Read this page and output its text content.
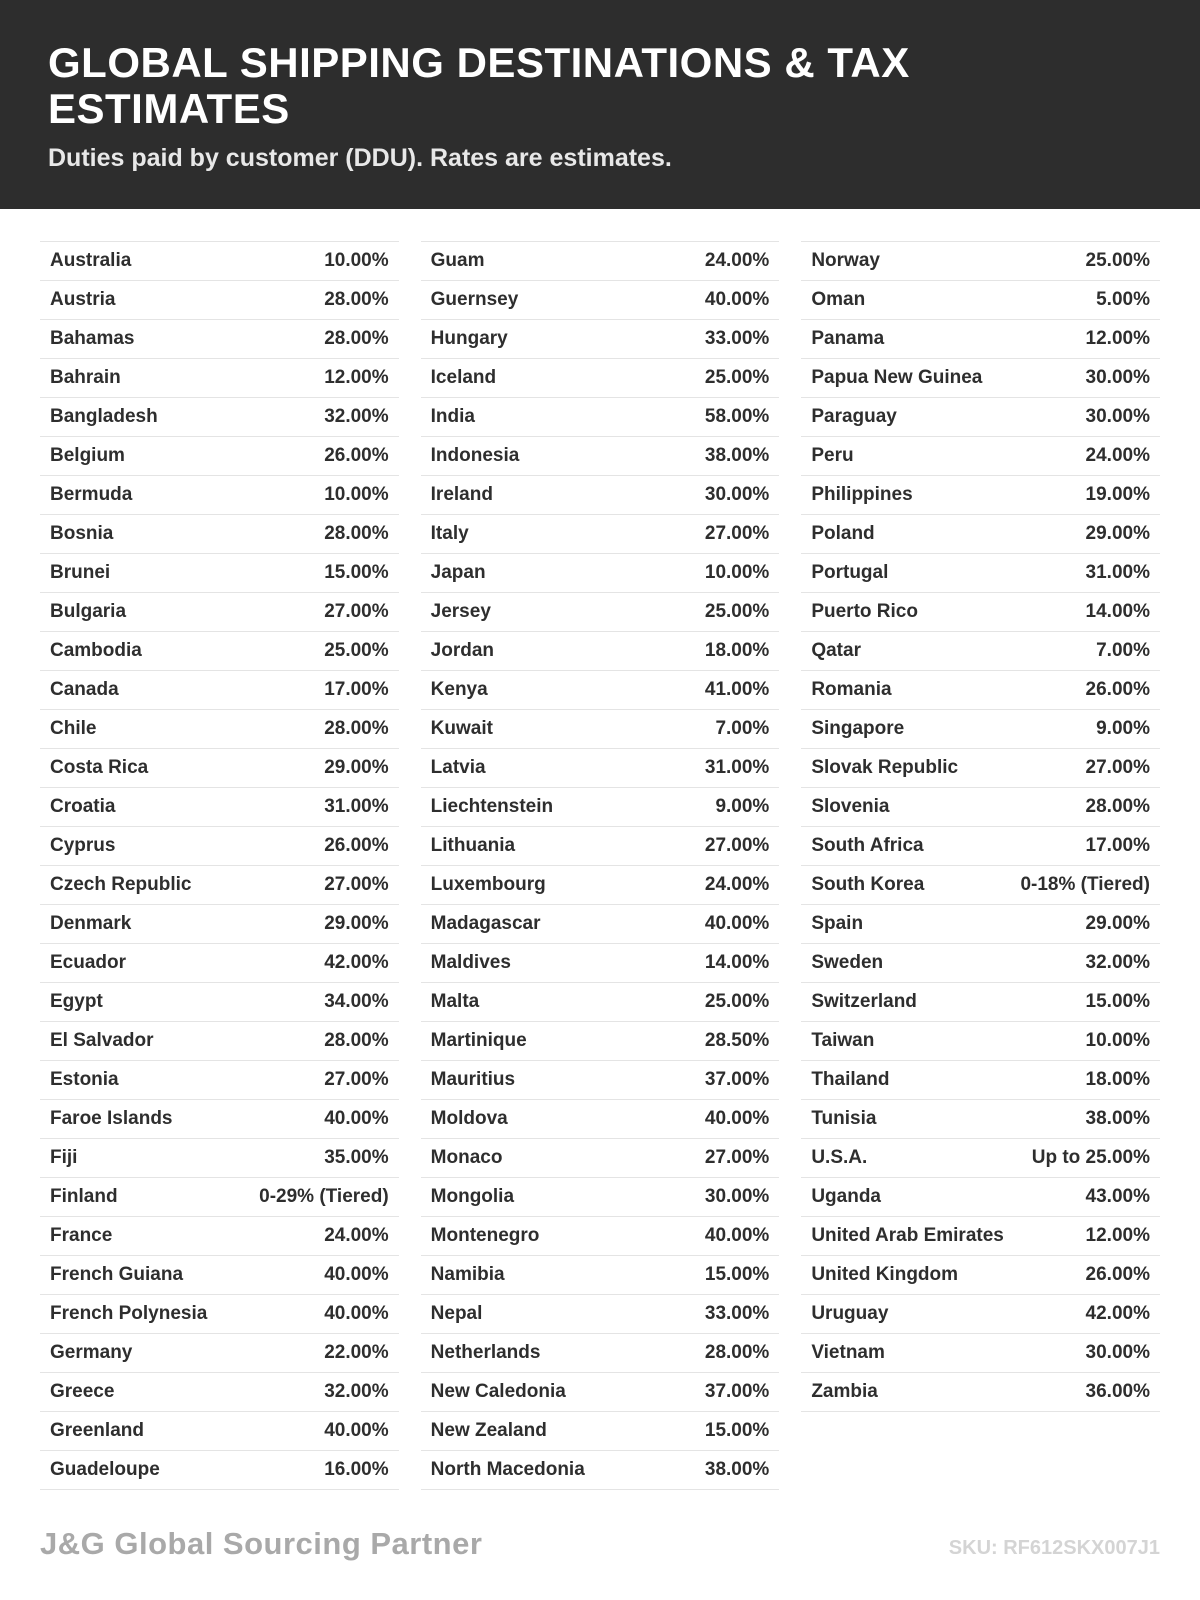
GLOBAL SHIPPING DESTINATIONS & TAX ESTIMATES

Duties paid by customer (DDU). Rates are estimates.

Australia	10.00%
Austria	28.00%
Bahamas	28.00%
Bahrain	12.00%
Bangladesh	32.00%
Belgium	26.00%
Bermuda	10.00%
Bosnia	28.00%
Brunei	15.00%
Bulgaria	27.00%
Cambodia	25.00%
Canada	17.00%
Chile	28.00%
Costa Rica	29.00%
Croatia	31.00%
Cyprus	26.00%
Czech Republic	27.00%
Denmark	29.00%
Ecuador	42.00%
Egypt	34.00%
El Salvador	28.00%
Estonia	27.00%
Faroe Islands	40.00%
Fiji	35.00%
Finland	0-29% (Tiered)
France	24.00%
French Guiana	40.00%
French Polynesia	40.00%
Germany	22.00%
Greece	32.00%
Greenland	40.00%
Guadeloupe	16.00%
Guam	24.00%
Guernsey	40.00%
Hungary	33.00%
Iceland	25.00%
India	58.00%
Indonesia	38.00%
Ireland	30.00%
Italy	27.00%
Japan	10.00%
Jersey	25.00%
Jordan	18.00%
Kenya	41.00%
Kuwait	7.00%
Latvia	31.00%
Liechtenstein	9.00%
Lithuania	27.00%
Luxembourg	24.00%
Madagascar	40.00%
Maldives	14.00%
Malta	25.00%
Martinique	28.50%
Mauritius	37.00%
Moldova	40.00%
Monaco	27.00%
Mongolia	30.00%
Montenegro	40.00%
Namibia	15.00%
Nepal	33.00%
Netherlands	28.00%
New Caledonia	37.00%
New Zealand	15.00%
North Macedonia	38.00%
Norway	25.00%
Oman	5.00%
Panama	12.00%
Papua New Guinea	30.00%
Paraguay	30.00%
Peru	24.00%
Philippines	19.00%
Poland	29.00%
Portugal	31.00%
Puerto Rico	14.00%
Qatar	7.00%
Romania	26.00%
Singapore	9.00%
Slovak Republic	27.00%
Slovenia	28.00%
South Africa	17.00%
South Korea	0-18% (Tiered)
Spain	29.00%
Sweden	32.00%
Switzerland	15.00%
Taiwan	10.00%
Thailand	18.00%
Tunisia	38.00%
U.S.A.	Up to 25.00%
Uganda	43.00%
United Arab Emirates	12.00%
United Kingdom	26.00%
Uruguay	42.00%
Vietnam	30.00%
Zambia	36.00%
J&G Global Sourcing Partner	SKU: RF612SKX007J1
